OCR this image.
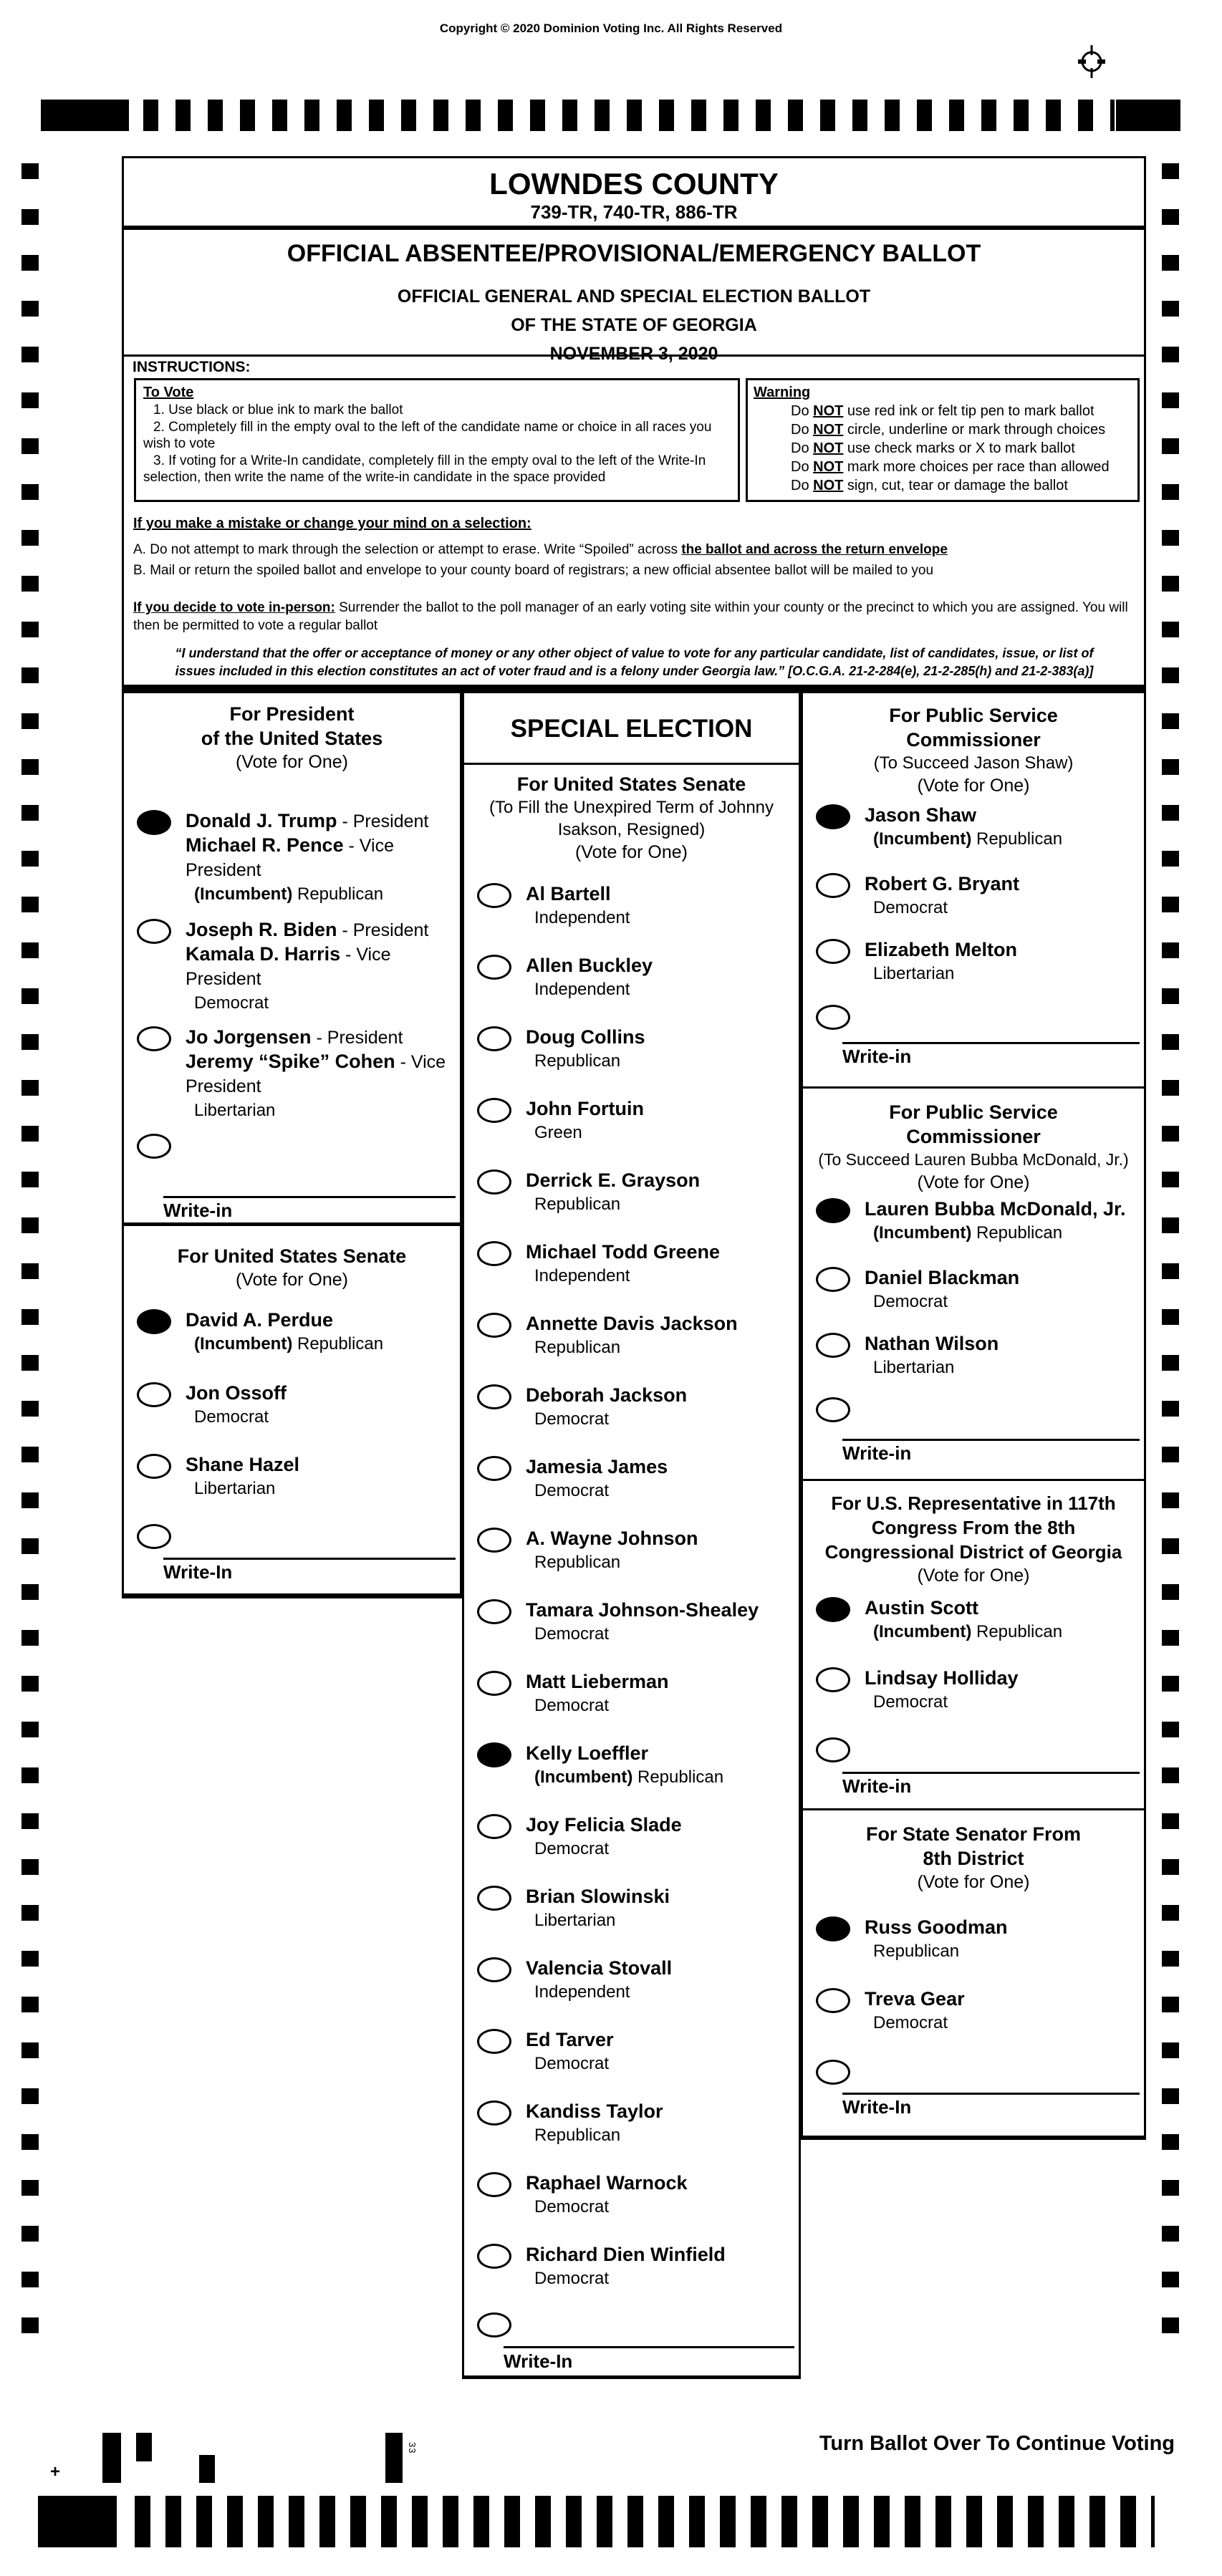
Copyright © 2020 Dominion Voting Inc. All Rights Reserved
LOWNDES COUNTY
739-TR, 740-TR, 886-TR
OFFICIAL ABSENTEE/PROVISIONAL/EMERGENCY BALLOT
OFFICIAL GENERAL AND SPECIAL ELECTION BALLOT
OF THE STATE OF GEORGIA
NOVEMBER 3, 2020
INSTRUCTIONS:
To Vote
1. Use black or blue ink to mark the ballot
2. Completely fill in the empty oval to the left of the candidate name or choice in all races you wish to vote
3. If voting for a Write-In candidate, completely fill in the empty oval to the left of the Write-In selection, then write the name of the write-in candidate in the space provided
Warning
Do NOT use red ink or felt tip pen to mark ballot
Do NOT circle, underline or mark through choices
Do NOT use check marks or X to mark ballot
Do NOT mark more choices per race than allowed
Do NOT sign, cut, tear or damage the ballot
If you make a mistake or change your mind on a selection:
A. Do not attempt to mark through the selection or attempt to erase. Write “Spoiled” across the ballot and across the return envelope
B. Mail or return the spoiled ballot and envelope to your county board of registrars; a new official absentee ballot will be mailed to you
If you decide to vote in-person: Surrender the ballot to the poll manager of an early voting site within your county or the precinct to which you are assigned. You will then be permitted to vote a regular ballot
“I understand that the offer or acceptance of money or any other object of value to vote for any particular candidate, list of candidates, issue, or list of issues included in this election constitutes an act of voter fraud and is a felony under Georgia law.” [O.C.G.A. 21-2-284(e), 21-2-285(h) and 21-2-383(a)]
For President
of the United States
(Vote for One)
Donald J. Trump - President
Michael R. Pence - Vice President
(Incumbent) Republican
Joseph R. Biden - President
Kamala D. Harris - Vice President
Democrat
Jo Jorgensen - President
Jeremy “Spike” Cohen - Vice President
Libertarian
Write-in
For United States Senate
(Vote for One)
David A. Perdue
(Incumbent) Republican
Jon Ossoff
Democrat
Shane Hazel
Libertarian
Write-In
SPECIAL ELECTION
For United States Senate
(To Fill the Unexpired Term of Johnny
Isakson, Resigned)
(Vote for One)
Al Bartell
Independent
Allen Buckley
Independent
Doug Collins
Republican
John Fortuin
Green
Derrick E. Grayson
Republican
Michael Todd Greene
Independent
Annette Davis Jackson
Republican
Deborah Jackson
Democrat
Jamesia James
Democrat
A. Wayne Johnson
Republican
Tamara Johnson-Shealey
Democrat
Matt Lieberman
Democrat
Kelly Loeffler
(Incumbent) Republican
Joy Felicia Slade
Democrat
Brian Slowinski
Libertarian
Valencia Stovall
Independent
Ed Tarver
Democrat
Kandiss Taylor
Republican
Raphael Warnock
Democrat
Richard Dien Winfield
Democrat
Write-In
For Public Service
Commissioner
(To Succeed Jason Shaw)
(Vote for One)
Jason Shaw
(Incumbent) Republican
Robert G. Bryant
Democrat
Elizabeth Melton
Libertarian
Write-in
For Public Service
Commissioner
(To Succeed Lauren Bubba McDonald, Jr.)
(Vote for One)
Lauren Bubba McDonald, Jr.
(Incumbent) Republican
Daniel Blackman
Democrat
Nathan Wilson
Libertarian
Write-in
For U.S. Representative in 117th
Congress From the 8th
Congressional District of Georgia
(Vote for One)
Austin Scott
(Incumbent) Republican
Lindsay Holliday
Democrat
Write-in
For State Senator From
8th District
(Vote for One)
Russ Goodman
Republican
Treva Gear
Democrat
Write-In
+
33	Turn Ballot Over To Continue Voting
